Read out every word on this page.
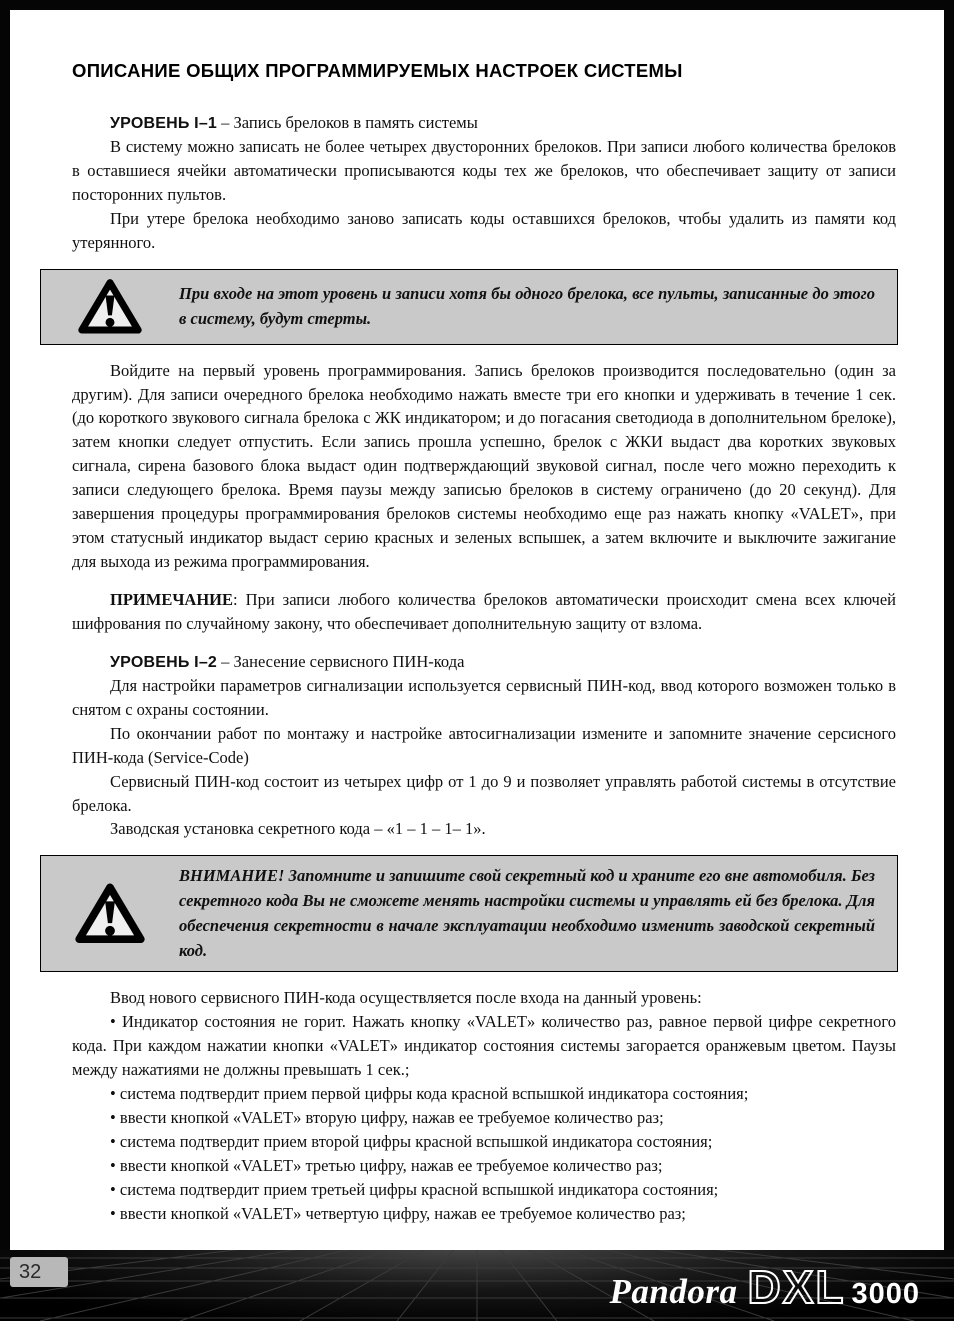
ОПИСАНИЕ ОБЩИХ ПРОГРАММИРУЕМЫХ НАСТРОЕК СИСТЕМЫ

УРОВЕНЬ I–1 – Запись брелоков в память системы

В систему можно записать не более четырех двусторонних брелоков. При записи любого количества брелоков в оставшиеся ячейки автоматически прописываются коды тех же брелоков, что обеспечивает защиту от записи посторонних пультов.

При утере брелока необходимо заново записать коды оставшихся брелоков, чтобы удалить из памяти код утерянного.

При входе на этот уровень и записи хотя бы одного брелока, все пульты, записанные до этого в систему, будут стерты.

Войдите на первый уровень программирования. Запись брелоков производится последовательно (один за другим). Для записи очередного брелока необходимо нажать вместе три его кнопки и удерживать в течение 1 сек. (до короткого звукового сигнала брелока с ЖК индикатором; и до погасания светодиода в дополнительном брелоке), затем кнопки следует отпустить. Если запись прошла успешно, брелок с ЖКИ выдаст два коротких звуковых сигнала, сирена базового блока выдаст один подтверждающий звуковой сигнал, после чего можно переходить к записи следующего брелока. Время паузы между записью брелоков в систему ограничено (до 20 секунд). Для завершения процедуры программирования брелоков системы необходимо еще раз нажать кнопку «VALET», при этом статусный индикатор выдаст серию красных и зеленых вспышек, а затем включите и выключите зажигание для выхода из режима программирования.

ПРИМЕЧАНИЕ: При записи любого количества брелоков автоматически происходит смена всех ключей шифрования по случайному закону, что обеспечивает дополнительную защиту от взлома.

УРОВЕНЬ I–2 – Занесение сервисного ПИН-кода

Для настройки параметров сигнализации используется сервисный ПИН-код, ввод которого возможен только в снятом с охраны состоянии.

По окончании работ по монтажу и настройке автосигнализации измените и запомните значение серсисного ПИН-кода (Service-Code)

Сервисный ПИН-код состоит из четырех цифр от 1 до 9 и позволяет управлять работой системы в отсутствие брелока.

Заводская установка секретного кода – «1 – 1 – 1– 1».

ВНИМАНИЕ! Запомните и запишите свой секретный код и храните его вне автомобиля. Без секретного кода Вы не сможете менять настройки системы и управлять ей без брелока. Для обеспечения секретности в начале эксплуатации необходимо изменить заводской секретный код.

Ввод нового сервисного ПИН-кода осуществляется после входа на данный уровень:

• Индикатор состояния не горит. Нажать кнопку «VALET» количество раз, равное первой цифре секретного кода. При каждом нажатии кнопки «VALET» индикатор состояния системы загорается оранжевым цветом. Паузы между нажатиями не должны превышать 1 сек.;

• система подтвердит прием первой цифры кода красной вспышкой индикатора состояния;

• ввести кнопкой «VALET» вторую цифру, нажав ее требуемое количество раз;

• система подтвердит прием второй цифры красной вспышкой индикатора состояния;

• ввести кнопкой «VALET» третью цифру, нажав ее требуемое количество раз;

• система подтвердит прием третьей цифры красной вспышкой индикатора состояния;

• ввести кнопкой «VALET» четвертую цифру, нажав ее требуемое количество раз;

32
Pandora DXL 3000
